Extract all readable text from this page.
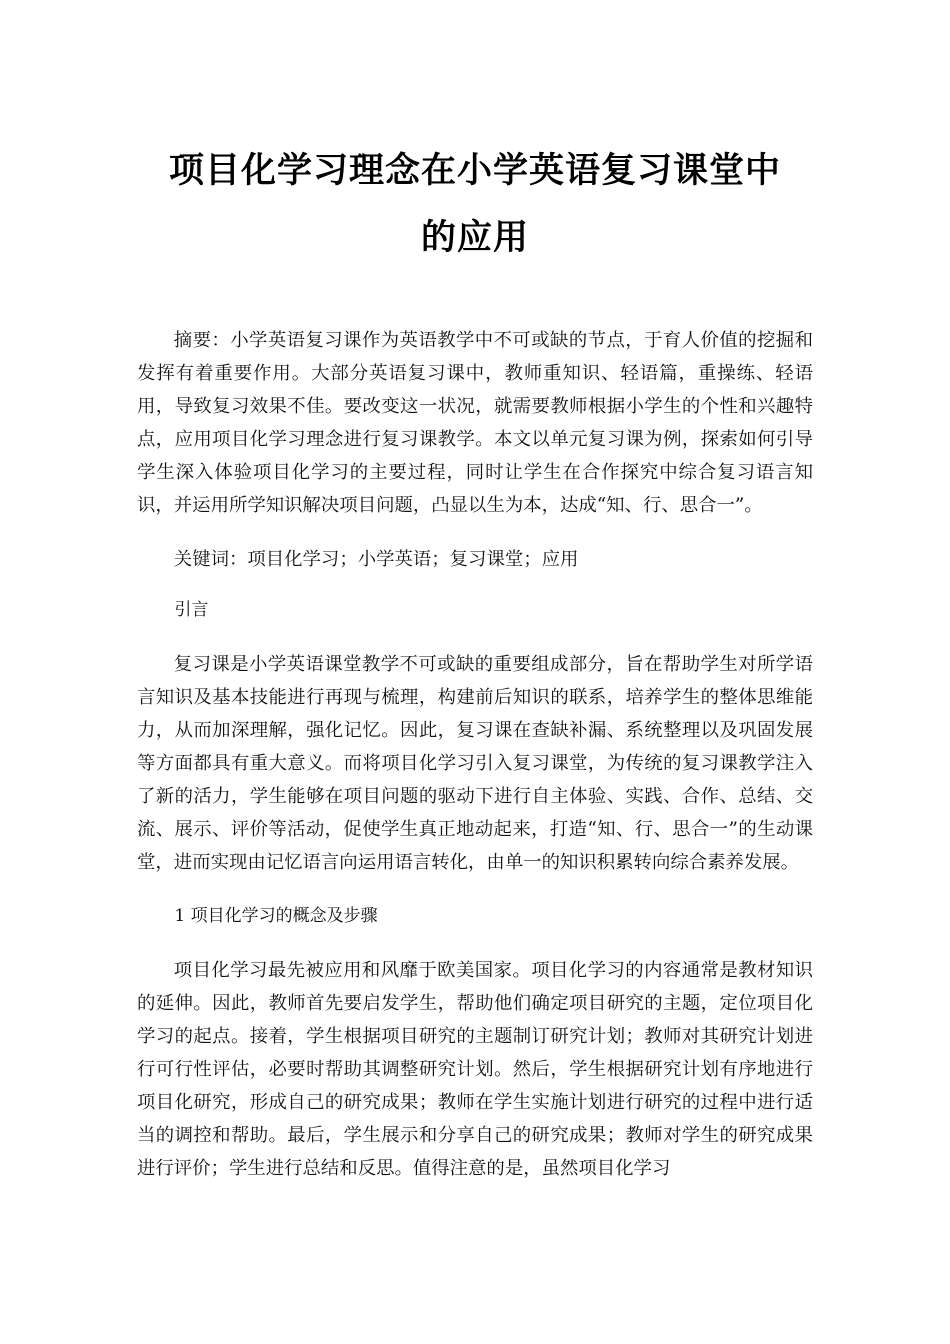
项目化学习理念在小学英语复习课堂中
的应用

摘要：小学英语复习课作为英语教学中不可或缺的节点，于育人价值的挖掘和发挥有着重要作用。大部分英语复习课中，教师重知识、轻语篇，重操练、轻语用，导致复习效果不佳。要改变这一状况，就需要教师根据小学生的个性和兴趣特点，应用项目化学习理念进行复习课教学。本文以单元复习课为例，探索如何引导学生深入体验项目化学习的主要过程，同时让学生在合作探究中综合复习语言知识，并运用所学知识解决项目问题，凸显以生为本，达成“知、行、思合一”。

关键词：项目化学习；小学英语；复习课堂；应用

引言

复习课是小学英语课堂教学不可或缺的重要组成部分，旨在帮助学生对所学语言知识及基本技能进行再现与梳理，构建前后知识的联系，培养学生的整体思维能力，从而加深理解，强化记忆。因此，复习课在查缺补漏、系统整理以及巩固发展等方面都具有重大意义。而将项目化学习引入复习课堂，为传统的复习课教学注入了新的活力，学生能够在项目问题的驱动下进行自主体验、实践、合作、总结、交流、展示、评价等活动，促使学生真正地动起来，打造“知、行、思合一”的生动课堂，进而实现由记忆语言向运用语言转化，由单一的知识积累转向综合素养发展。

1 项目化学习的概念及步骤

项目化学习最先被应用和风靡于欧美国家。项目化学习的内容通常是教材知识的延伸。因此，教师首先要启发学生，帮助他们确定项目研究的主题，定位项目化学习的起点。接着，学生根据项目研究的主题制订研究计划；教师对其研究计划进行可行性评估，必要时帮助其调整研究计划。然后，学生根据研究计划有序地进行项目化研究，形成自己的研究成果；教师在学生实施计划进行研究的过程中进行适当的调控和帮助。最后，学生展示和分享自己的研究成果；教师对学生的研究成果进行评价；学生进行总结和反思。值得注意的是，虽然项目化学习
